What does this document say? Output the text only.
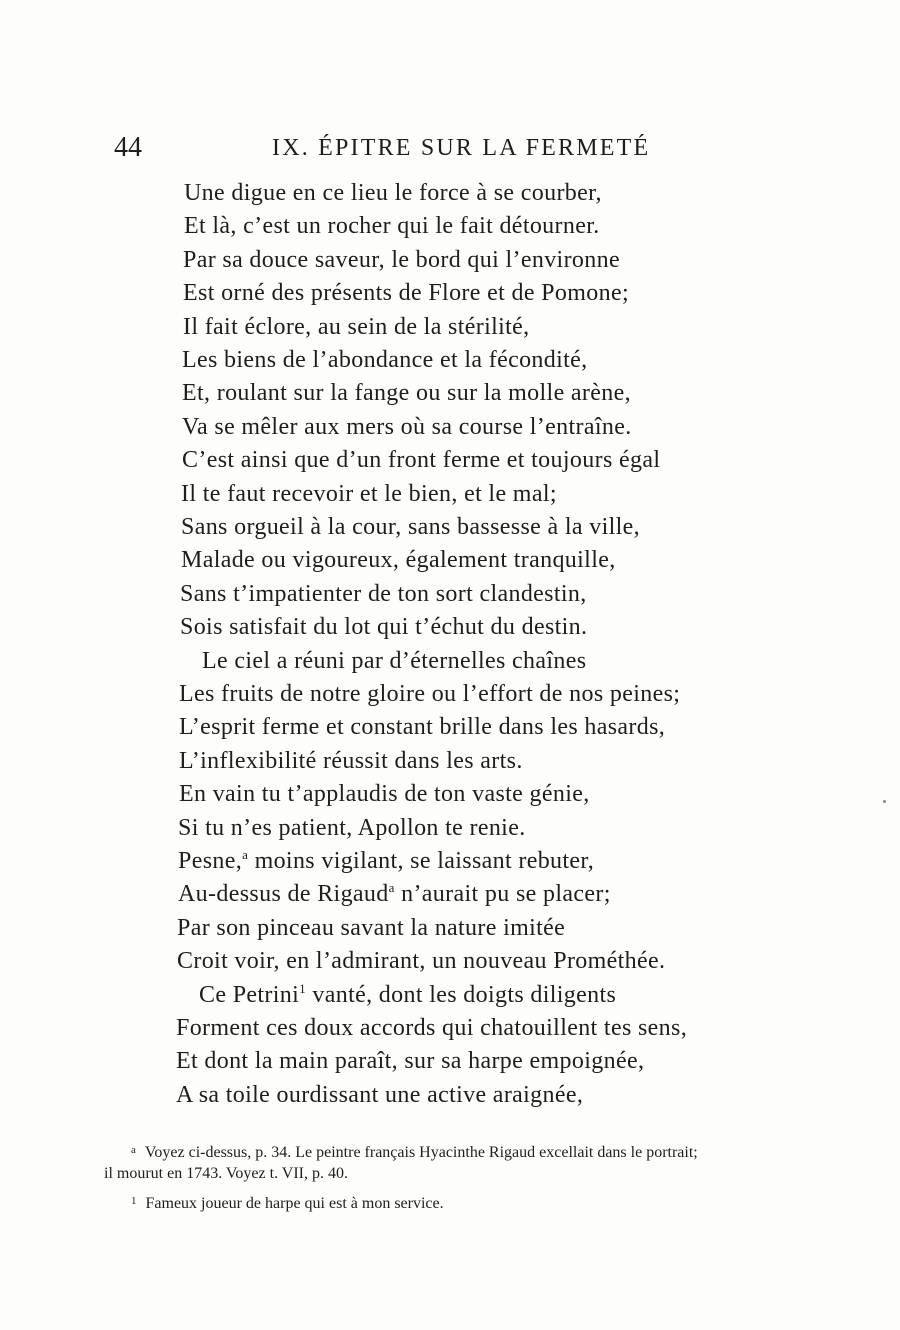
44	IX. ÉPITRE SUR LA FERMETÉ
Une digue en ce lieu le force à se courber,
Et là, c’est un rocher qui le fait détourner.
Par sa douce saveur, le bord qui l’environne
Est orné des présents de Flore et de Pomone;
Il fait éclore, au sein de la stérilité,
Les biens de l’abondance et la fécondité,
Et, roulant sur la fange ou sur la molle arène,
Va se mêler aux mers où sa course l’entraîne.
C’est ainsi que d’un front ferme et toujours égal
Il te faut recevoir et le bien, et le mal;
Sans orgueil à la cour, sans bassesse à la ville,
Malade ou vigoureux, également tranquille,
Sans t’impatienter de ton sort clandestin,
Sois satisfait du lot qui t’échut du destin.
Le ciel a réuni par d’éternelles chaînes
Les fruits de notre gloire ou l’effort de nos peines;
L’esprit ferme et constant brille dans les hasards,
L’inflexibilité réussit dans les arts.
En vain tu t’applaudis de ton vaste génie,
Si tu n’es patient, Apollon te renie.
Pesne,$^a$ moins vigilant, se laissant rebuter,
Au-dessus de Rigaud$^a$ n’aurait pu se placer;
Par son pinceau savant la nature imitée
Croit voir, en l’admirant, un nouveau Prométhée.
Ce Petrini$^1$ vanté, dont les doigts diligents
Forment ces doux accords qui chatouillent tes sens,
Et dont la main paraît, sur sa harpe empoignée,
A sa toile ourdissant une active araignée,
a Voyez ci-dessus, p. 34. Le peintre français Hyacinthe Rigaud excellait dans le portrait;
il mourut en 1743. Voyez t. VII, p. 40.
1 Fameux joueur de harpe qui est à mon service.
